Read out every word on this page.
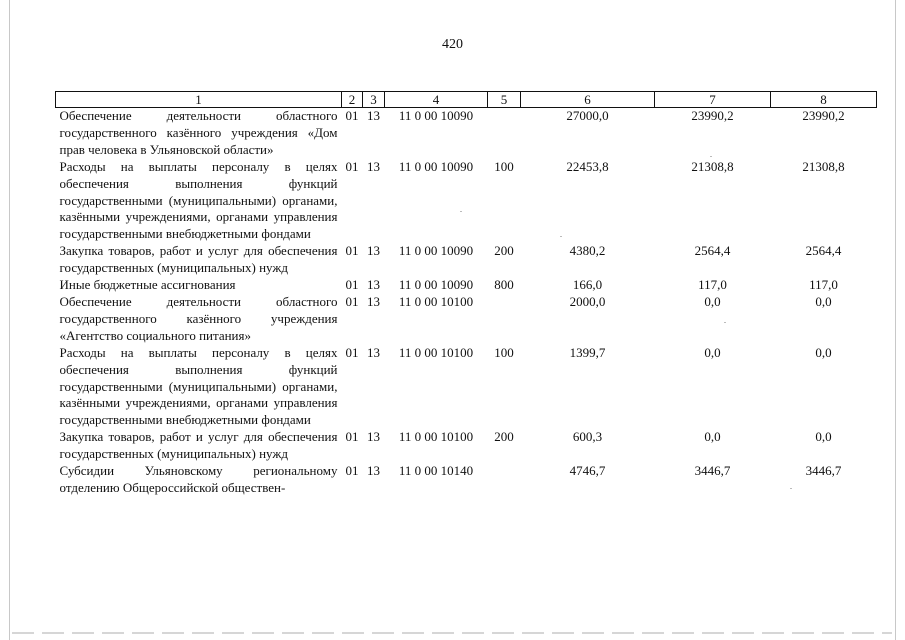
420
1	2	3	4	5	6	7	8
Обеспечение деятельности областного государственного казённого учреждения «Дом прав человека в Ульяновской области»	01	13	11 0 00 10090		27000,0	23990,2	23990,2
Расходы на выплаты персоналу в целях обеспечения выполнения функций государственными (муниципальными) органами, казёнными учреждениями, органами управления государственными внебюджетными фондами	01	13	11 0 00 10090	100	22453,8	21308,8	21308,8
Закупка товаров, работ и услуг для обеспечения государственных (муниципальных) нужд	01	13	11 0 00 10090	200	4380,2	2564,4	2564,4
Иные бюджетные ассигнования	01	13	11 0 00 10090	800	166,0	117,0	117,0
Обеспечение деятельности областного государственного казённого учреждения «Агентство социального питания»	01	13	11 0 00 10100		2000,0	0,0	0,0
Расходы на выплаты персоналу в целях обеспечения выполнения функций государственными (муниципальными) органами, казёнными учреждениями, органами управления государственными внебюджетными фондами	01	13	11 0 00 10100	100	1399,7	0,0	0,0
Закупка товаров, работ и услуг для обеспечения государственных (муниципальных) нужд	01	13	11 0 00 10100	200	600,3	0,0	0,0
Субсидии Ульяновскому региональному отделению Общероссийской обществен-	01	13	11 0 00 10140		4746,7	3446,7	3446,7
